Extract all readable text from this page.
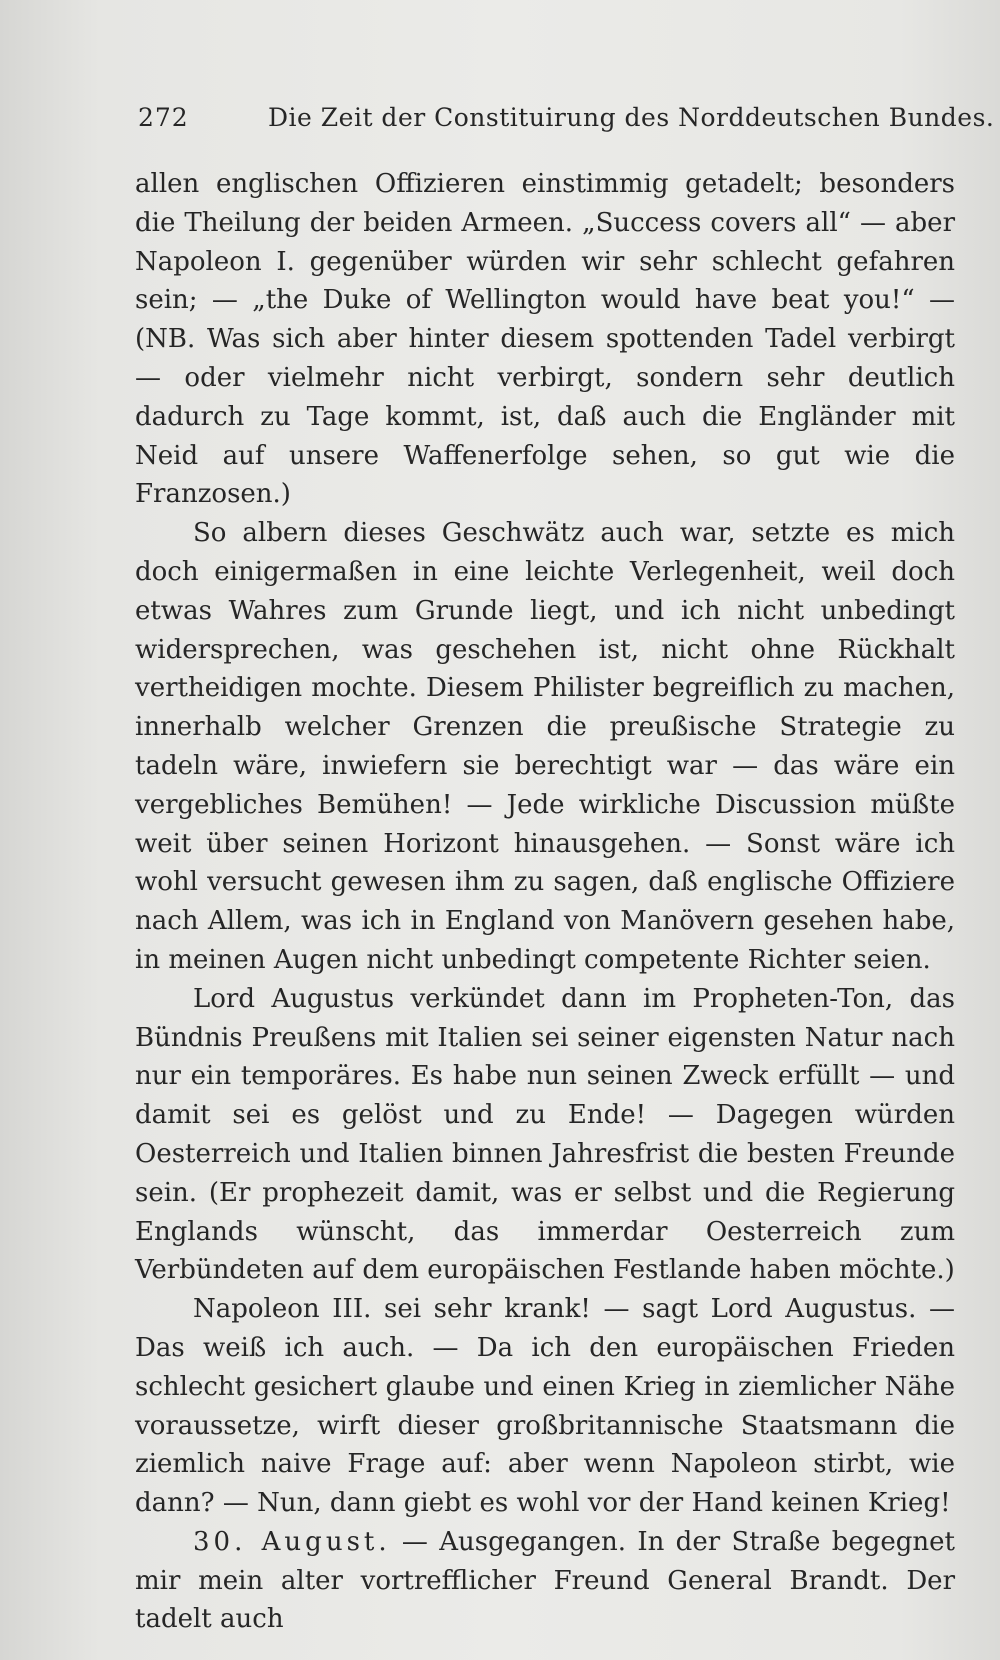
272	Die Zeit der Constituirung des Norddeutschen Bundes.

allen englischen Offizieren einstimmig getadelt; besonders die Theilung der beiden Armeen. „Success covers all“ — aber Napoleon I. gegenüber würden wir sehr schlecht gefahren sein; — „the Duke of Wellington would have beat you!“ — (NB. Was sich aber hinter diesem spottenden Tadel verbirgt — oder vielmehr nicht verbirgt, sondern sehr deutlich dadurch zu Tage kommt, ist, daß auch die Engländer mit Neid auf unsere Waffenerfolge sehen, so gut wie die Franzosen.)

So albern dieses Geschwätz auch war, setzte es mich doch einigermaßen in eine leichte Verlegenheit, weil doch etwas Wahres zum Grunde liegt, und ich nicht unbedingt widersprechen, was geschehen ist, nicht ohne Rückhalt vertheidigen mochte. Diesem Philister begreiflich zu machen, innerhalb welcher Grenzen die preußische Strategie zu tadeln wäre, inwiefern sie berechtigt war — das wäre ein vergebliches Bemühen! — Jede wirkliche Discussion müßte weit über seinen Horizont hinausgehen. — Sonst wäre ich wohl versucht gewesen ihm zu sagen, daß englische Offiziere nach Allem, was ich in England von Manövern gesehen habe, in meinen Augen nicht unbedingt competente Richter seien.

Lord Augustus verkündet dann im Propheten-Ton, das Bündnis Preußens mit Italien sei seiner eigensten Natur nach nur ein temporäres. Es habe nun seinen Zweck erfüllt — und damit sei es gelöst und zu Ende! — Dagegen würden Oesterreich und Italien binnen Jahresfrist die besten Freunde sein. (Er prophezeit damit, was er selbst und die Regierung Englands wünscht, das immerdar Oesterreich zum Verbündeten auf dem europäischen Festlande haben möchte.)

Napoleon III. sei sehr krank! — sagt Lord Augustus. — Das weiß ich auch. — Da ich den europäischen Frieden schlecht gesichert glaube und einen Krieg in ziemlicher Nähe voraussetze, wirft dieser großbritannische Staatsmann die ziemlich naive Frage auf: aber wenn Napoleon stirbt, wie dann? — Nun, dann giebt es wohl vor der Hand keinen Krieg!

30. August. — Ausgegangen. In der Straße begegnet mir mein alter vortrefflicher Freund General Brandt. Der tadelt auch
